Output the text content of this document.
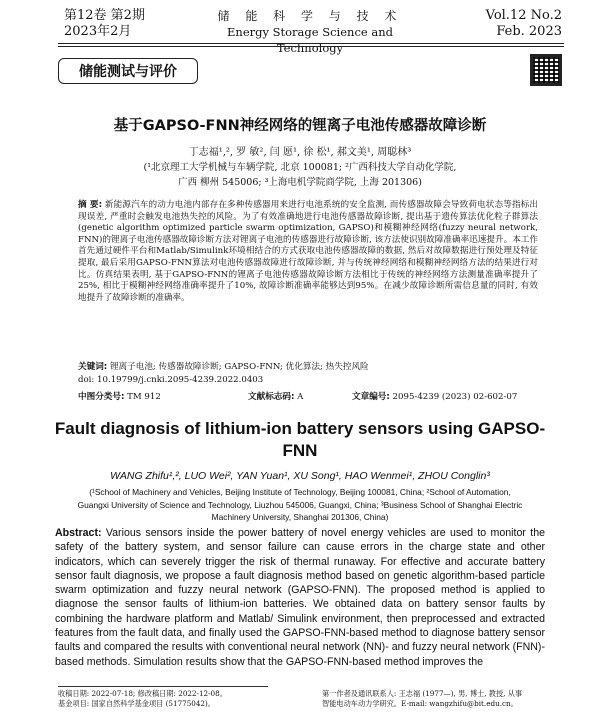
第12卷 第2期
2023年2月
储 能 科 学 与 技 术
Energy Storage Science and Technology
Vol.12 No.2
Feb. 2023
储能测试与评价
基于GAPSO-FNN神经网络的锂离子电池传感器故障诊断
丁志福¹,², 罗 敏², 闫 愿¹, 徐 松¹, 郝文美¹, 周聪林³
(¹北京理工大学机械与车辆学院, 北京 100081; ²广西科技大学自动化学院,
广西 柳州 545006; ³上海电机学院商学院, 上海 201306)
摘 要: 新能源汽车的动力电池内部存在多种传感器用来进行电池系统的安全监测, 而传感器故障会导致荷电状态等指标出现误差, 严重时会触发电池热失控的风险。为了有效准确地进行电池传感器故障诊断, 提出基于遗传算法优化粒子群算法(genetic algorithm optimized particle swarm optimization, GAPSO)和模糊神经网络(fuzzy neural network, FNN)的锂离子电池传感器故障诊断方法对锂离子电池的传感器进行故障诊断, 该方法使识别故障准确率迅速提升。本工作首先通过硬件平台和Matlab/Simulink环境相结合的方式获取电池传感器故障的数据, 然后对故障数据进行预处理及特征提取, 最后采用GAPSO-FNN算法对电池传感器故障进行故障诊断, 并与传统神经网络和模糊神经网络方法的结果进行对比。仿真结果表明, 基于GAPSO-FNN的锂离子电池传感器故障诊断方法相比于传统的神经网络方法测量准确率提升了25%, 相比于模糊神经网络准确率提升了10%, 故障诊断准确率能够达到95%。在减少故障诊断所需信息量的同时, 有效地提升了故障诊断的准确率。
关键词: 锂离子电池; 传感器故障诊断; GAPSO-FNN; 优化算法; 热失控风险
doi: 10.19799/j.cnki.2095-4239.2022.0403
中图分类号: TM 912	文献标志码: A	文章编号: 2095-4239 (2023) 02-602-07
Fault diagnosis of lithium-ion battery sensors using GAPSO-FNN
WANG Zhifu¹,², LUO Wei², YAN Yuan¹, XU Song¹, HAO Wenmei¹, ZHOU Conglin³
(¹School of Machinery and Vehicles, Beijing Institute of Technology, Beijing 100081, China; ²School of Automation,
Guangxi University of Science and Technology, Liuzhou 545006, Guangxi, China; ³Business School of Shanghai Electric
Machinery University, Shanghai 201306, China)
Abstract: Various sensors inside the power battery of novel energy vehicles are used to monitor the safety of the battery system, and sensor failure can cause errors in the charge state and other indicators, which can severely trigger the risk of thermal runaway. For effective and accurate battery sensor fault diagnosis, we propose a fault diagnosis method based on genetic algorithm-based particle swarm optimization and fuzzy neural network (GAPSO-FNN). The proposed method is applied to diagnose the sensor faults of lithium-ion batteries. We obtained data on battery sensor faults by combining the hardware platform and Matlab/ Simulink environment, then preprocessed and extracted features from the fault data, and finally used the GAPSO-FNN-based method to diagnose battery sensor faults and compared the results with conventional neural network (NN)- and fuzzy neural network (FNN)-based methods. Simulation results show that the GAPSO-FNN-based method improves the
收稿日期: 2022-07-18; 修改稿日期: 2022-12-08。
基金项目: 国家自然科学基金项目 (51775042)。
第一作者及通讯联系人: 王志福 (1977—), 男, 博士, 教授, 从事
智能电动车动力学研究。E-mail: wangzhifu@bit.edu.cn。
